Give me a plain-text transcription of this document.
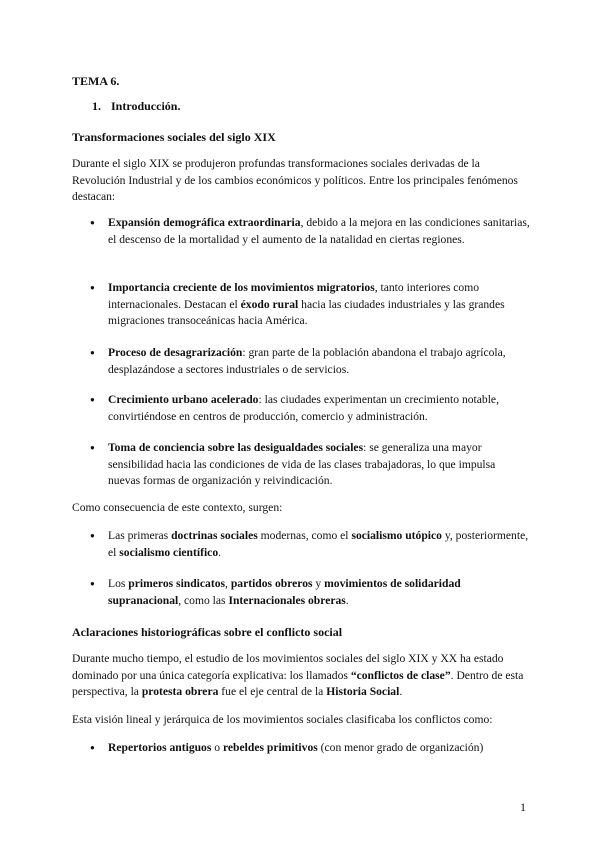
TEMA 6.
1. Introducción.
Transformaciones sociales del siglo XIX

Durante el siglo XIX se produjeron profundas transformaciones sociales derivadas de la Revolución Industrial y de los cambios económicos y políticos. Entre los principales fenómenos destacan:

● Expansión demográfica extraordinaria, debido a la mejora en las condiciones sanitarias, el descenso de la mortalidad y el aumento de la natalidad en ciertas regiones.
● Importancia creciente de los movimientos migratorios, tanto interiores como internacionales. Destacan el éxodo rural hacia las ciudades industriales y las grandes migraciones transoceánicas hacia América.
● Proceso de desagrarización: gran parte de la población abandona el trabajo agrícola, desplazándose a sectores industriales o de servicios.
● Crecimiento urbano acelerado: las ciudades experimentan un crecimiento notable, convirtiéndose en centros de producción, comercio y administración.
● Toma de conciencia sobre las desigualdades sociales: se generaliza una mayor sensibilidad hacia las condiciones de vida de las clases trabajadoras, lo que impulsa nuevas formas de organización y reivindicación.

Como consecuencia de este contexto, surgen:

● Las primeras doctrinas sociales modernas, como el socialismo utópico y, posteriormente, el socialismo científico.
● Los primeros sindicatos, partidos obreros y movimientos de solidaridad supranacional, como las Internacionales obreras.
Aclaraciones historiográficas sobre el conflicto social

Durante mucho tiempo, el estudio de los movimientos sociales del siglo XIX y XX ha estado dominado por una única categoría explicativa: los llamados “conflictos de clase”. Dentro de esta perspectiva, la protesta obrera fue el eje central de la Historia Social.

Esta visión lineal y jerárquica de los movimientos sociales clasificaba los conflictos como:

● Repertorios antiguos o rebeldes primitivos (con menor grado de organización)
1
